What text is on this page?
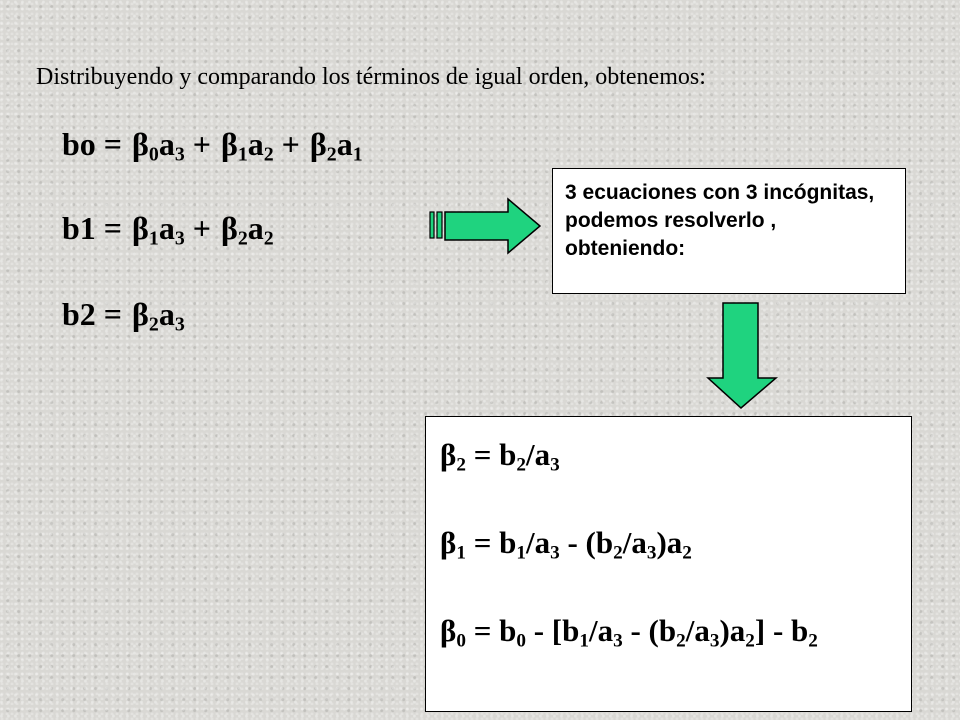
Distribuyendo y comparando los términos de igual orden, obtenemos:
bo = $\beta_0a_3 + \beta_1a_2 + \beta_2a_1$
$b1 = \beta_1a_3 + \beta_2a_2$
$b2 = \beta_2a_3$
3 ecuaciones con 3 incógnitas, podemos resolverlo , obteniendo:
$\beta_2 = b_2/a_3$
$\beta_1 = b_1/a_3 - (b_2/a_3)a_2$
$\beta_0 = b_0 - [b_1/a_3 - (b_2/a_3)a_2] - b_2$
